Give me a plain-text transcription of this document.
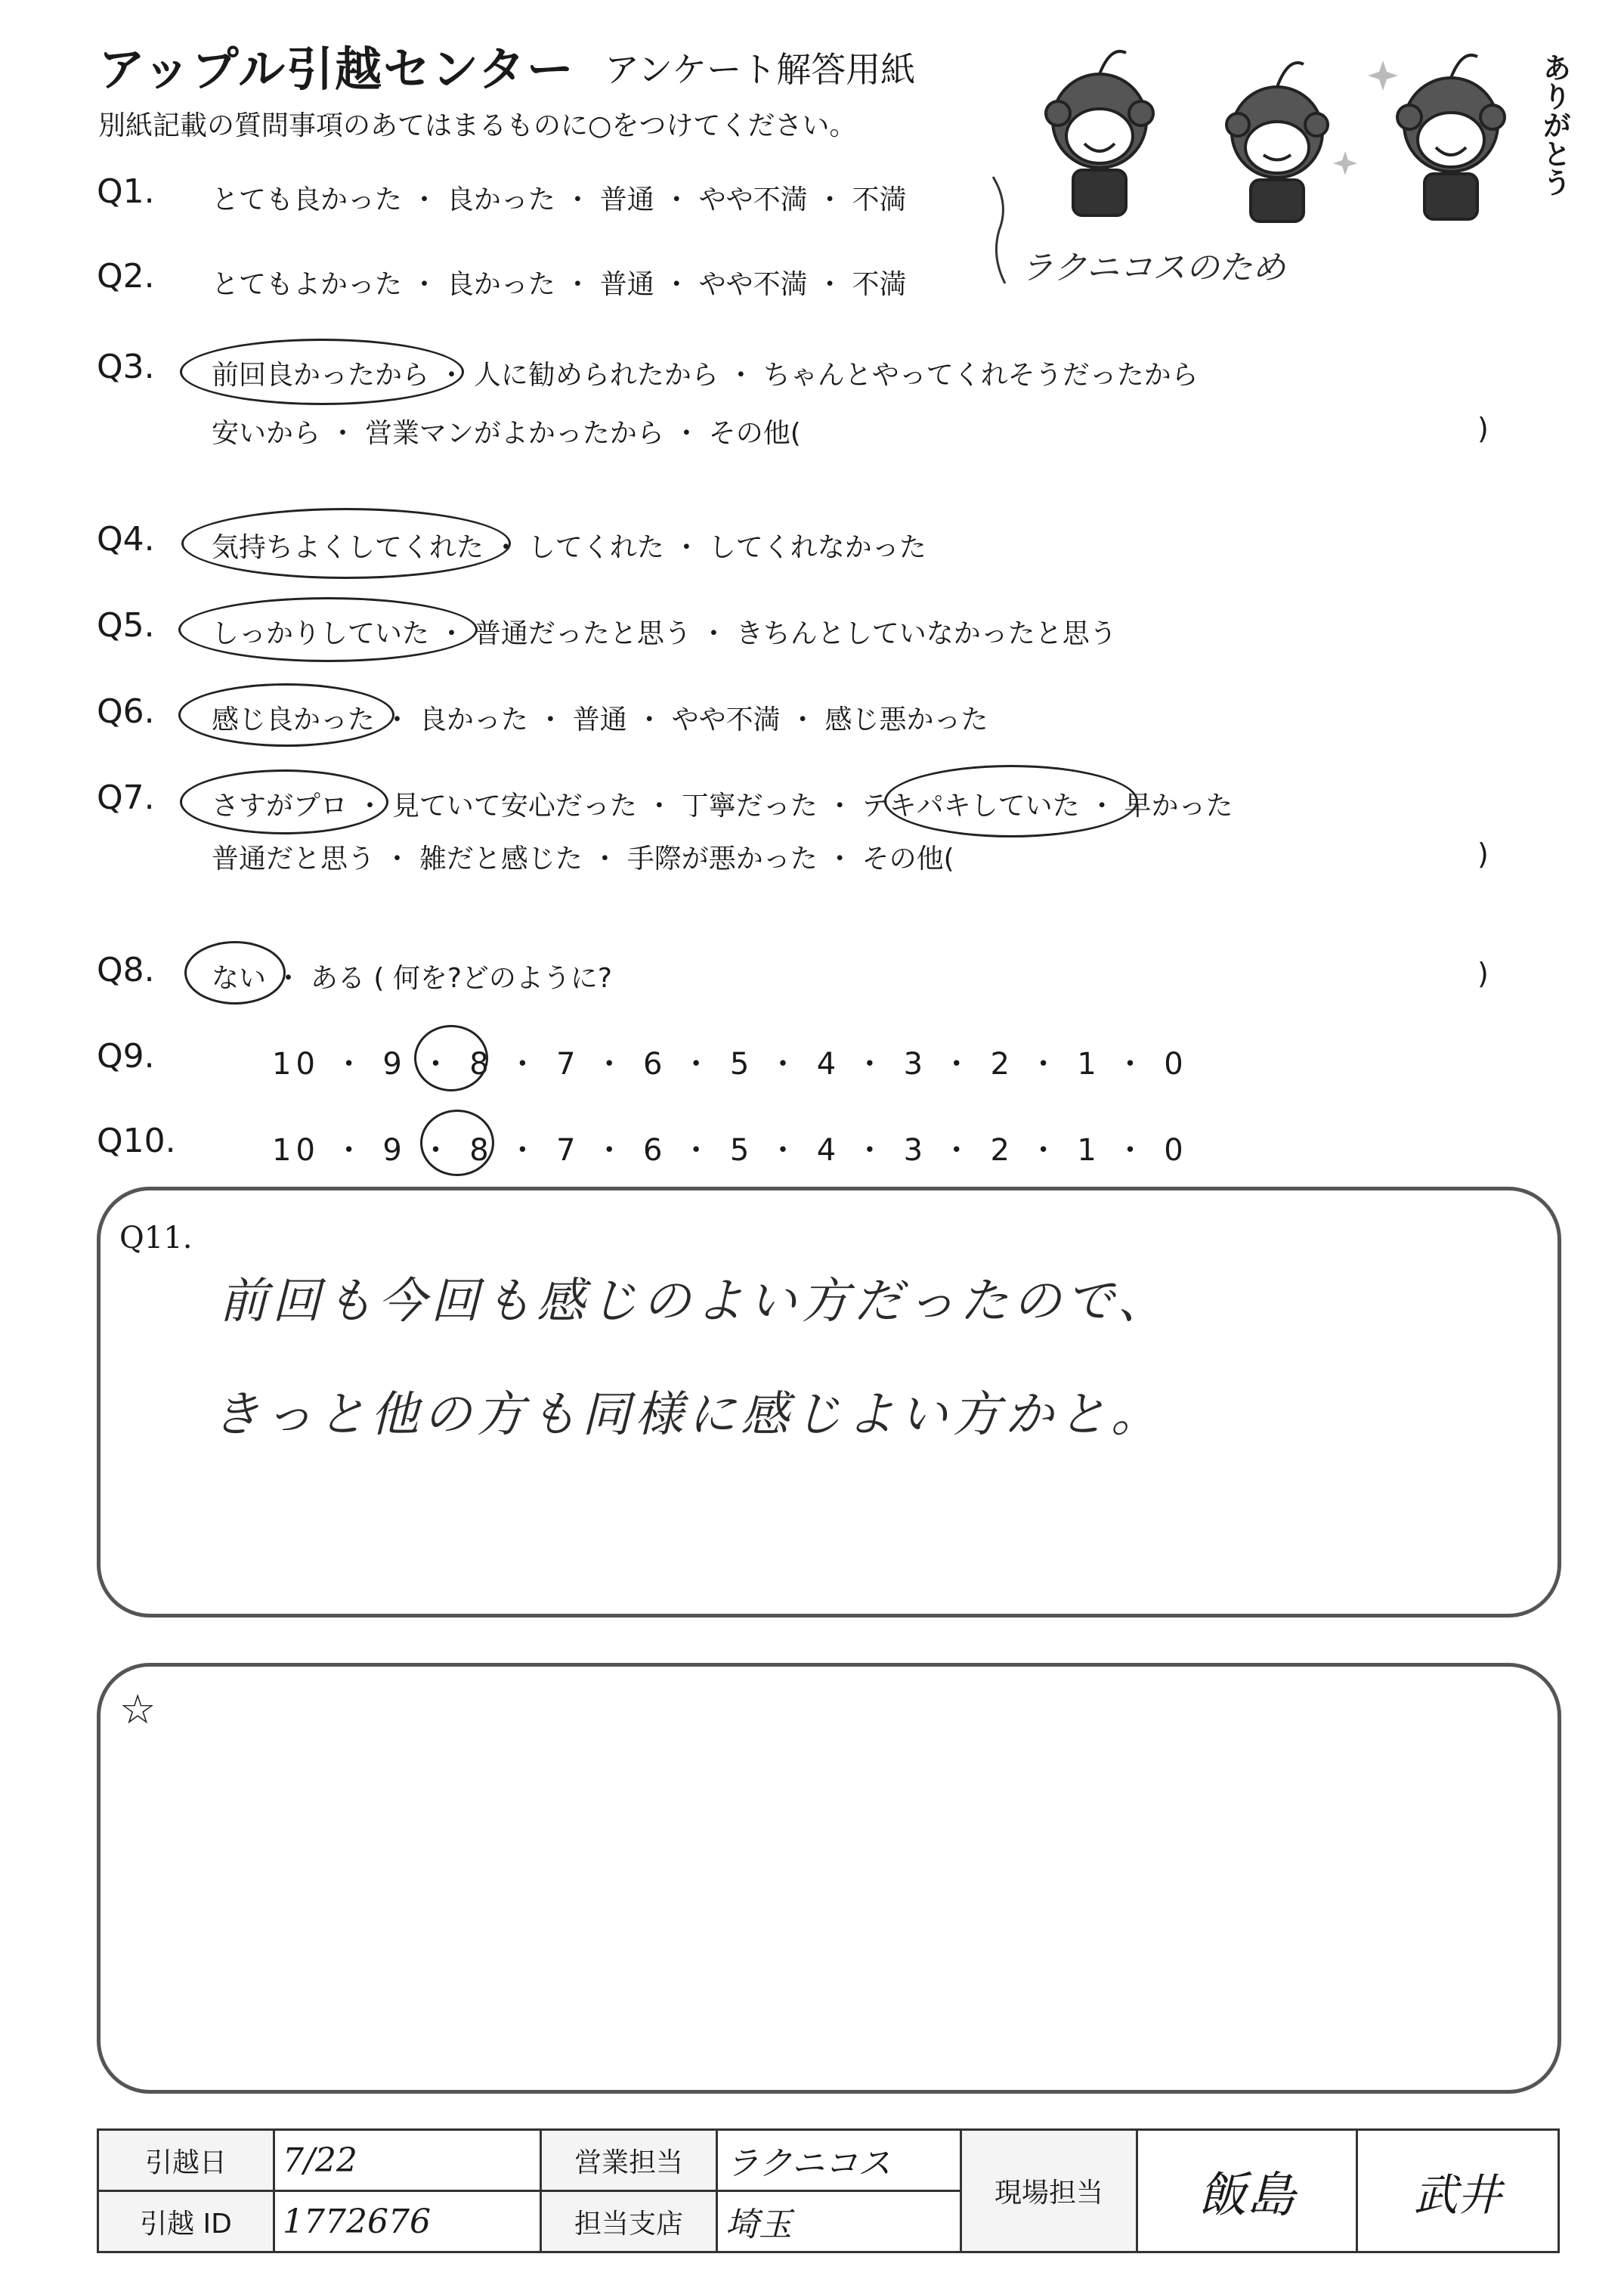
アップル引越センター アンケート解答用紙
別紙記載の質問事項のあてはまるものに○をつけてください。	ありがとう
Q1. とても良かった ・ 良かった ・ 普通 ・ やや不満 ・ 不満
Q2. とてもよかった ・ 良かった ・ 普通 ・ やや不満 ・ 不満	ラクニコスのため
Q3. 前回良かったから ・ 人に勧められたから ・ ちゃんとやってくれそうだったから
安いから ・ 営業マンがよかったから ・ その他(	)
Q4. 気持ちよくしてくれた ・ してくれた ・ してくれなかった
Q5. しっかりしていた ・ 普通だったと思う ・ きちんとしていなかったと思う
Q6. 感じ良かった ・ 良かった ・ 普通 ・ やや不満 ・ 感じ悪かった
Q7. さすがプロ ・ 見ていて安心だった ・ 丁寧だった ・ テキパキしていた ・ 早かった
普通だと思う ・ 雑だと感じた ・ 手際が悪かった ・ その他(	)
Q8. ない ・ ある ( 何を?どのように?	)
Q9.	10 ・ 9 ・ 8 ・ 7 ・ 6 ・ 5 ・ 4 ・ 3 ・ 2 ・ 1 ・ 0
Q10.	10 ・ 9 ・ 8 ・ 7 ・ 6 ・ 5 ・ 4 ・ 3 ・ 2 ・ 1 ・ 0
Q11.
前回も今回も感じのよい方だったので、
きっと他の方も同様に感じよい方かと。
☆
引越日	7/22	営業担当	ラクニコス	現場担当	飯島	武井
引越 ID	1772676	担当支店	埼玉			
